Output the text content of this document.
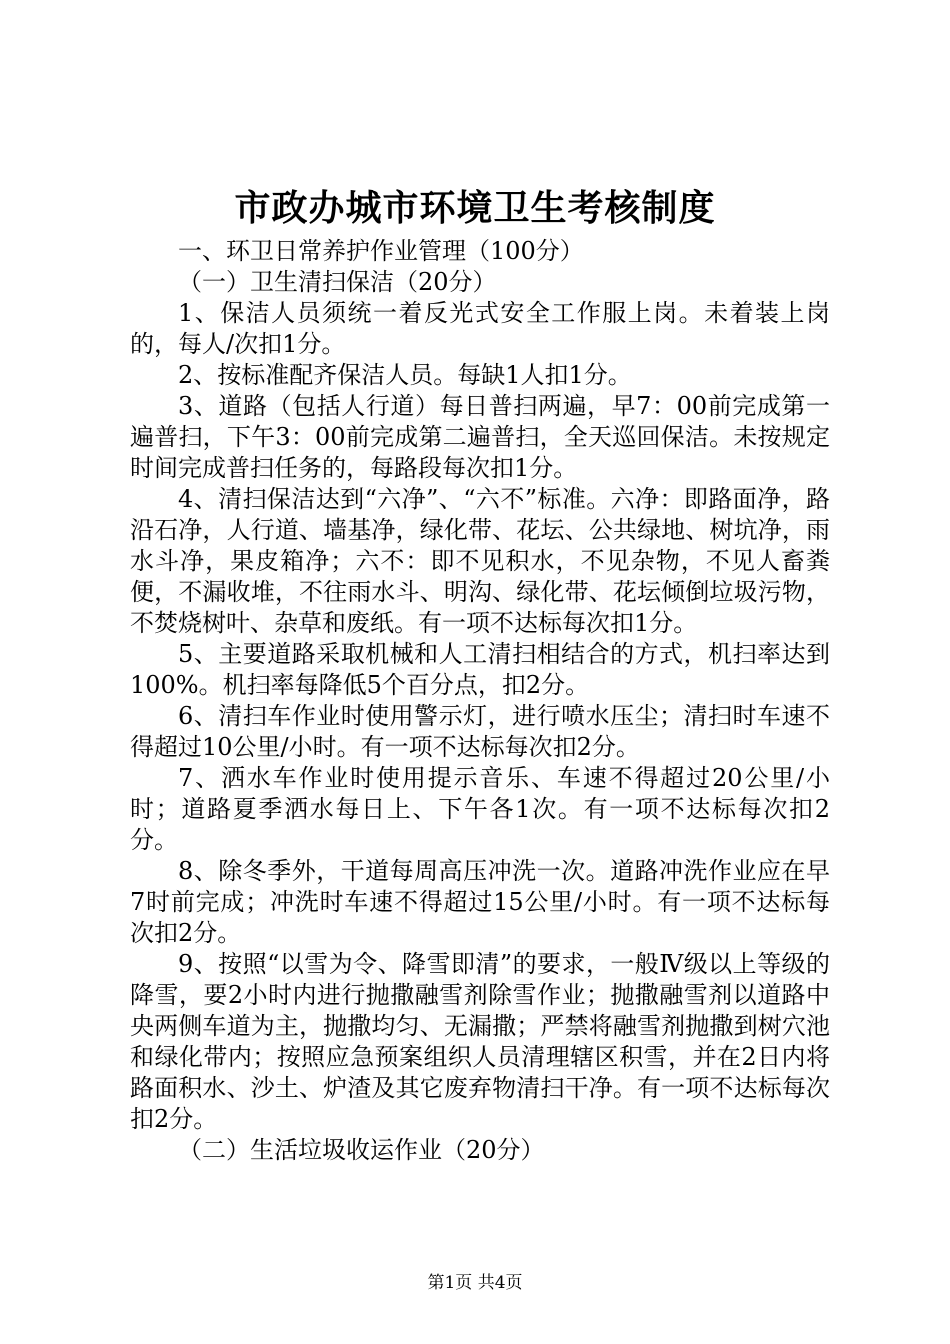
市政办城市环境卫生考核制度

一、环卫日常养护作业管理（100分）

（一）卫生清扫保洁（20分）

1、保洁人员须统一着反光式安全工作服上岗。未着装上岗的，每人/次扣1分。

2、按标准配齐保洁人员。每缺1人扣1分。

3、道路（包括人行道）每日普扫两遍，早7：00前完成第一遍普扫，下午3：00前完成第二遍普扫，全天巡回保洁。未按规定时间完成普扫任务的，每路段每次扣1分。

4、清扫保洁达到“六净”、“六不”标准。六净：即路面净，路沿石净，人行道、墙基净，绿化带、花坛、公共绿地、树坑净，雨水斗净，果皮箱净；六不：即不见积水，不见杂物，不见人畜粪便，不漏收堆，不往雨水斗、明沟、绿化带、花坛倾倒垃圾污物，不焚烧树叶、杂草和废纸。有一项不达标每次扣1分。

5、主要道路采取机械和人工清扫相结合的方式，机扫率达到100%。机扫率每降低5个百分点，扣2分。

6、清扫车作业时使用警示灯，进行喷水压尘；清扫时车速不得超过10公里/小时。有一项不达标每次扣2分。

7、洒水车作业时使用提示音乐、车速不得超过20公里/小时；道路夏季洒水每日上、下午各1次。有一项不达标每次扣2分。

8、除冬季外，干道每周高压冲洗一次。道路冲洗作业应在早7时前完成；冲洗时车速不得超过15公里/小时。有一项不达标每次扣2分。

9、按照“以雪为令、降雪即清”的要求，一般Ⅳ级以上等级的降雪，要2小时内进行抛撒融雪剂除雪作业；抛撒融雪剂以道路中央两侧车道为主，抛撒均匀、无漏撒；严禁将融雪剂抛撒到树穴池和绿化带内；按照应急预案组织人员清理辖区积雪，并在2日内将路面积水、沙土、炉渣及其它废弃物清扫干净。有一项不达标每次扣2分。

（二）生活垃圾收运作业（20分）

第1页 共4页
